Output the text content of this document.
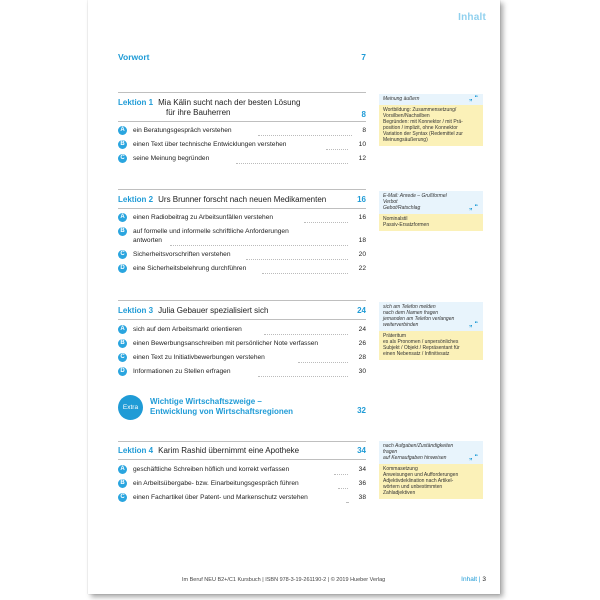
Inhalt
Vorwort	7
Lektion 1 Mia Kälin sucht nach der besten Lösung
für ihre Bauherren	8
A	ein Beratungsgespräch verstehen	8
B	einen Text über technische Entwicklungen verstehen	10
C	seine Meinung begründen	12
Meinung äußern	„ “
Wortbildung: Zusammensetzung/
Vorsilben/Nachsilben
Begründen: mit Konnektor / mit Prä-
position / implizit, ohne Konnektor
Variation der Syntax (Redemittel zur
Meinungsäußerung)
Lektion 2 Urs Brunner forscht nach neuen Medikamenten	16
A	einen Radiobeitrag zu Arbeitsunfällen verstehen	16
B	auf formelle und informelle schriftliche Anforderungen
antworten	18
C	Sicherheitsvorschriften verstehen	20
D	eine Sicherheitsbelehrung durchführen	22
E-Mail: Anrede – Grußformel
Verbot
Gebot/Ratschlag	„ “
Nominalstil
Passiv-Ersatzformen
Lektion 3 Julia Gebauer spezialisiert sich	24
A	sich auf dem Arbeitsmarkt orientieren	24
B	einen Bewerbungsanschreiben mit persönlicher Note verfassen	26
C	einen Text zu Initiativbewerbungen verstehen	28
D	Informationen zu Stellen erfragen	30
sich am Telefon melden
nach dem Namen fragen
jemanden am Telefon verlangen
weiterverbinden	„ “
Präteritum
es als Pronomen / unpersönliches
Subjekt / Objekt / Repräsentant für
einen Nebensatz / Infinitivsatz
Extra
Wichtige Wirtschaftszweige –
Entwicklung von Wirtschaftsregionen	32
Lektion 4 Karim Rashid übernimmt eine Apotheke	34
A	geschäftliche Schreiben höflich und korrekt verfassen	34
B	ein Arbeitsübergabe- bzw. Einarbeitungsgespräch führen	36
C	einen Fachartikel über Patent- und Markenschutz verstehen	38
nach Aufgaben/Zuständigkeiten
fragen
auf Kernaufgaben hinweisen	„ “
Kommasetzung
Anweisungen und Aufforderungen
Adjektivdeklination nach Artikel-
wörtern und unbestimmten
Zahladjektiven
Im Beruf NEU B2+/C1 Kursbuch | ISBN 978-3-19-261190-2 | © 2019 Hueber Verlag	Inhalt | 3
